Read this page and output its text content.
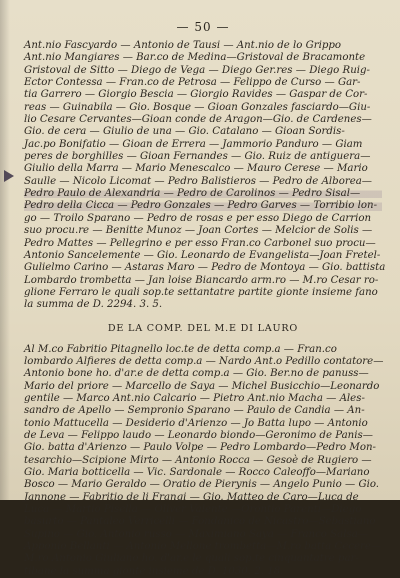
— 50 —
Ant.nio Fascyardo — Antonio de Tausi — Ant.nio de lo Grippo
Ant.nio Mangiares — Bar.co de Medina—Gristoval de Bracamonte
Gristoval de Sitto — Diego de Vega — Diego Ger.res — Diego Ruig-
Ector Contessa — Fran.co de Petrosa — Felippo de Curso — Gar-
tia Garrero — Giorgio Bescia — Giorgio Ravides — Gaspar de Cor-
reas — Guinabila — Gio. Bosque — Gioan Gonzales fasciardo—Giu-
lio Cesare Cervantes—Gioan conde de Aragon—Gio. de Cardenes—
Gio. de cera — Giulio de una — Gio. Catalano — Gioan Sordis-
Jac.po Bonifatio — Gioan de Errera — Jammorio Panduro — Giam
peres de borghilles — Gioan Fernandes — Gio. Ruiz de antiguera—
Giulio della Marra — Mario Menescalco — Mauro Cerese — Mario
Saulle — Nicolo Licomat — Pedro Balistieros — Pedro de Alborea—
Pedro Paulo de Alexandria — Pedro de Carolinos — Pedro Sisal—
Pedro della Cicca — Pedro Gonzales — Pedro Garves — Torribio lon-
go — Troilo Sparano — Pedro de rosas e per esso Diego de Carrion
suo procu.re — Benitte Munoz — Joan Cortes — Melcior de Solis —
Pedro Mattes — Pellegrino e per esso Fran.co Carbonel suo procu—
Antonio Sancelemente — Gio. Leonardo de Evangelista—Joan Fretel-
Gulielmo Carino — Astaras Maro — Pedro de Montoya — Gio. battista
Lombardo trombetta — Jan loise Biancardo arm.ro — M.ro Cesar ro-
glione Ferraro le quali sop.te settantatre partite gionte insieme fano
la summa de D. 2294. 3. 5.
DE LA COMP. DEL M.E DI LAURO
Al M.co Fabritio Pitagnello loc.te de detta comp.a — Fran.co
lombardo Alfieres de detta comp.a — Nardo Ant.o Pedillo contatore—
Antonio bone ho. d'ar.e de detta comp.a — Gio. Ber.no de panuss—
Mario del priore — Marcello de Saya — Michel Busicchio—Leonardo
gentile — Marco Ant.nio Calcario — Pietro Ant.nio Macha — Ales-
sandro de Apello — Sempronio Sparano — Paulo de Candia — An-
tonio Mattucella — Desiderio d'Arienzo — Jo Batta lupo — Antonio
de Leva — Felippo laudo — Leonardo biondo—Geronimo de Panis—
Gio. batta d'Arienzo — Paulo Volpe — Pedro Lombardo—Pedro Mon-
tesarchio—Scipione Mirto — Antonio Rocca — Gesoè de Rugiero —
Gio. Maria botticella — Vic. Sardonale — Rocco Caleoffo—Mariano
Bosco — Mario Geraldo — Oratio de Pierynis — Angelo Punio — Gio.
Jannone — Fabritio de li Frangi — Gio. Matteo de Caro—Luca de
Luca — Martio Pisella — Oliver Valente —Orontio Parenti—Diego
basurto — Pantaleo Verricelli — Fondanico de Nicastro—Sebastiano
Supino — Gio. Antonio russo — Maximiano Saya — Franco Salsa—
Apponio Bellanti — Antonio Mellone trombetta—M.ro batta Cecere—
M.ro Antonio Giuliano ho. d'ar.e le quali sop.te cinquantatre par-
tibane la summa gionte insieme de D. 1030. 2. 18.
